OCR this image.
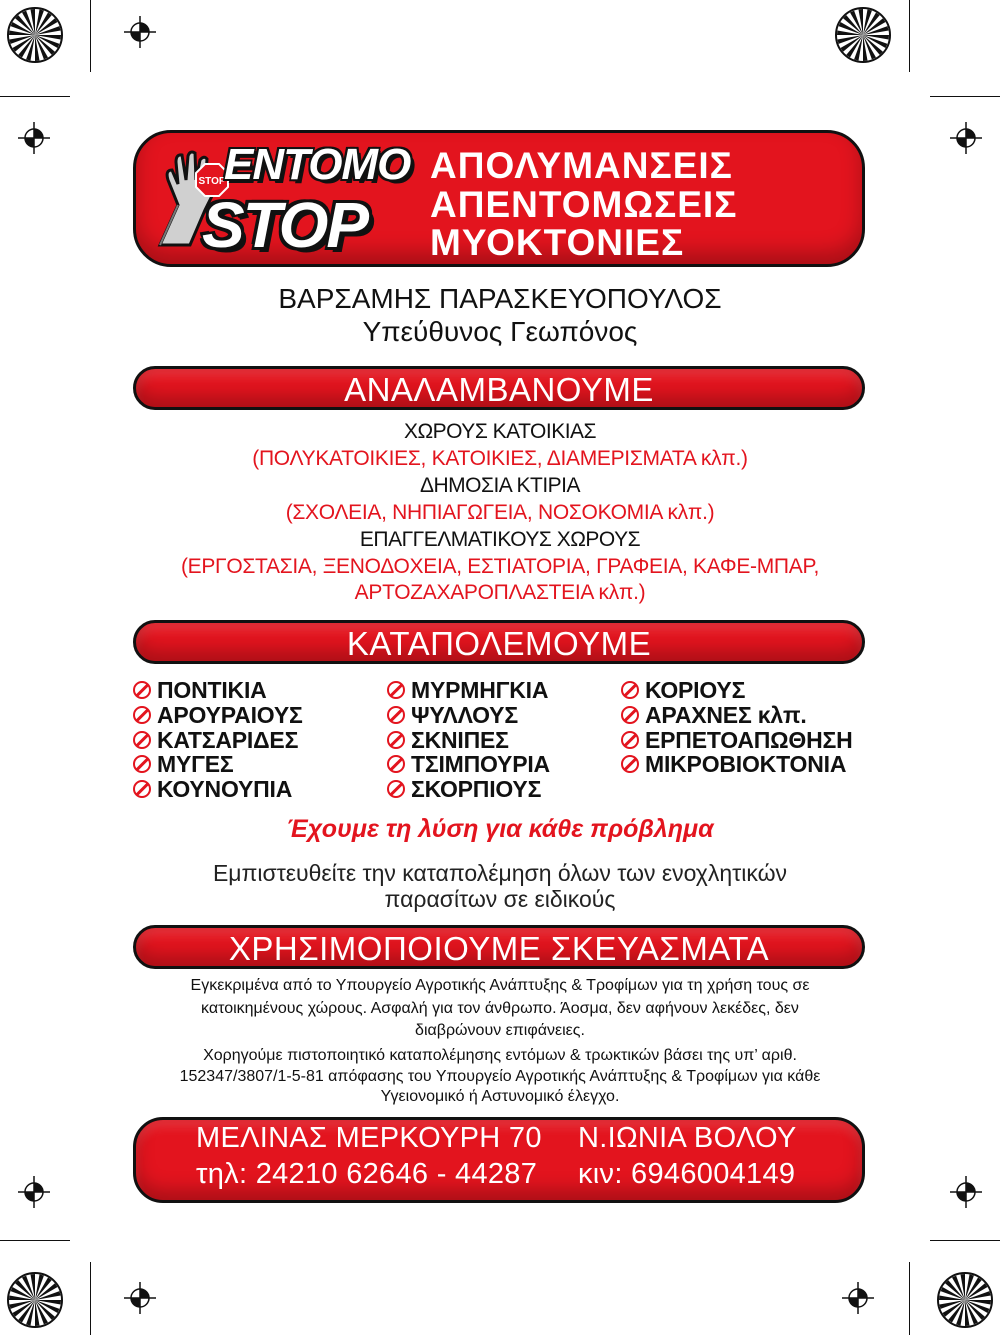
STOP
ΕΝΤΟΜΟ
STOP
ΑΠΟΛΥΜΑΝΣΕΙΣ
ΑΠΕΝΤΟΜΩΣΕΙΣ
ΜΥΟΚΤΟΝΙΕΣ
ΒΑΡΣΑΜΗΣ ΠΑΡΑΣΚΕΥΟΠΟΥΛΟΣ
Υπεύθυνος Γεωπόνος
ΑΝΑΛΑΜΒΑΝΟΥΜΕ
ΧΩΡΟΥΣ ΚΑΤΟΙΚΙΑΣ
(ΠΟΛΥΚΑΤΟΙΚΙΕΣ, ΚΑΤΟΙΚΙΕΣ, ΔΙΑΜΕΡΙΣΜΑΤΑ κλπ.)
ΔΗΜΟΣΙΑ ΚΤΙΡΙΑ
(ΣΧΟΛΕΙΑ, ΝΗΠΙΑΓΩΓΕΙΑ, ΝΟΣΟΚΟΜΙΑ κλπ.)
ΕΠΑΓΓΕΛΜΑΤΙΚΟΥΣ ΧΩΡΟΥΣ
(ΕΡΓΟΣΤΑΣΙΑ, ΞΕΝΟΔΟΧΕΙΑ, ΕΣΤΙΑΤΟΡΙΑ, ΓΡΑΦΕΙΑ, ΚΑΦΕ-ΜΠΑΡ,
ΑΡΤΟΖΑΧΑΡΟΠΛΑΣΤΕΙΑ κλπ.)
ΚΑΤΑΠΟΛΕΜΟΥΜΕ
ΠΟΝΤΙΚΙΑ
ΑΡΟΥΡΑΙΟΥΣ
ΚΑΤΣΑΡΙΔΕΣ
ΜΥΓΕΣ
ΚΟΥΝΟΥΠΙΑ
ΜΥΡΜΗΓΚΙΑ
ΨΥΛΛΟΥΣ
ΣΚΝΙΠΕΣ
ΤΣΙΜΠΟΥΡΙΑ
ΣΚΟΡΠΙΟΥΣ
ΚΟΡΙΟΥΣ
ΑΡΑΧΝΕΣ κλπ.
ΕΡΠΕΤΟΑΠΩΘΗΣΗ
ΜΙΚΡΟΒΙΟΚΤΟΝΙΑ
Έχουμε τη λύση για κάθε πρόβλημα
Εμπιστευθείτε την καταπολέμηση όλων των ενοχλητικών
παρασίτων σε ειδικούς
ΧΡΗΣΙΜΟΠΟΙΟΥΜΕ ΣΚΕΥΑΣΜΑΤΑ
Εγκεκριμένα από το Υπουργείο Αγροτικής Ανάπτυξης & Τροφίμων για τη χρήση τους σε
κατοικημένους χώρους. Ασφαλή για τον άνθρωπο. Άοσμα, δεν αφήνουν λεκέδες, δεν
διαβρώνουν επιφάνειες.
Χορηγούμε πιστοποιητικό καταπολέμησης εντόμων & τρωκτικών βάσει της υπ’ αριθ.
152347/3807/1-5-81 απόφασης του Υπουργείο Αγροτικής Ανάπτυξης & Τροφίμων για κάθε
Υγειονομικό ή Αστυνομικό έλεγχο.
ΜΕΛΙΝΑΣ ΜΕΡΚΟΥΡΗ 70 Ν.ΙΩΝΙΑ ΒΟΛΟΥ
τηλ: 24210 62646 - 44287 κιν: 6946004149
